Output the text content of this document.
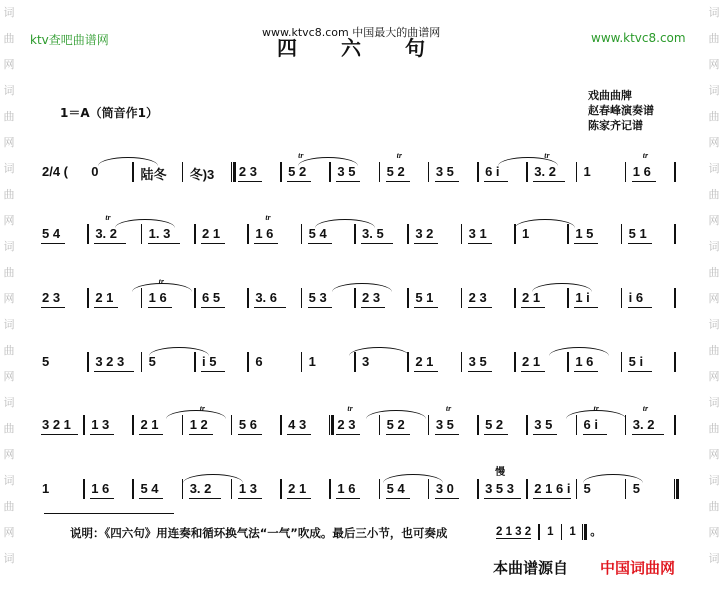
词
曲
网
词
曲
网
词
曲
网
词
曲
网
词
曲
网
词
曲
网
词
曲
网
词
词
曲
网
词
曲
网
词
曲
网
词
曲
网
词
曲
网
词
曲
网
词
曲
网
词
ktv查吧曲谱网
www.ktvc8.com 中国最大的曲谱网	www.ktvc8.com
四六句
1＝A（筒音作1）
戏曲曲牌
赵春峰演奏谱
陈家齐记谱
2/4 ( 0	陆冬 冬)3 2 3 5 2
tr
3 5 5 2
tr
3 5 6 i	3. 2
tr
1	1 6
tr
5 4	3. 2
tr
1. 3 2 1	1 6
tr
5 4	3. 5 3 2	3 1	1	1 5	5 1
2 3	2 1	1 6
tr
6 5	3. 6 5 3	2 3	5 1	2 3	2 1	1 i	i 6
5	3 2 3 5	i 5	6	1	3	2 1	3 5	2 1	1 6	5 i
3 2 1 1 3 2 1 1 2
tr
5 6 4 3 2 3
tr
5 2 3 5
tr
5 2 3 5 6 i
tr
3. 2
tr
1	1 6 5 4 3. 2 1 3 2 1 1 6 5 4 3 0 3 5 3
慢
2 1 6 i 5	5
说明：《四六句》用连奏和循环换气法“一气”吹成。最后三小节，也可奏成	2 1 3 2 1 1 。
本曲谱源自 中国词曲网
